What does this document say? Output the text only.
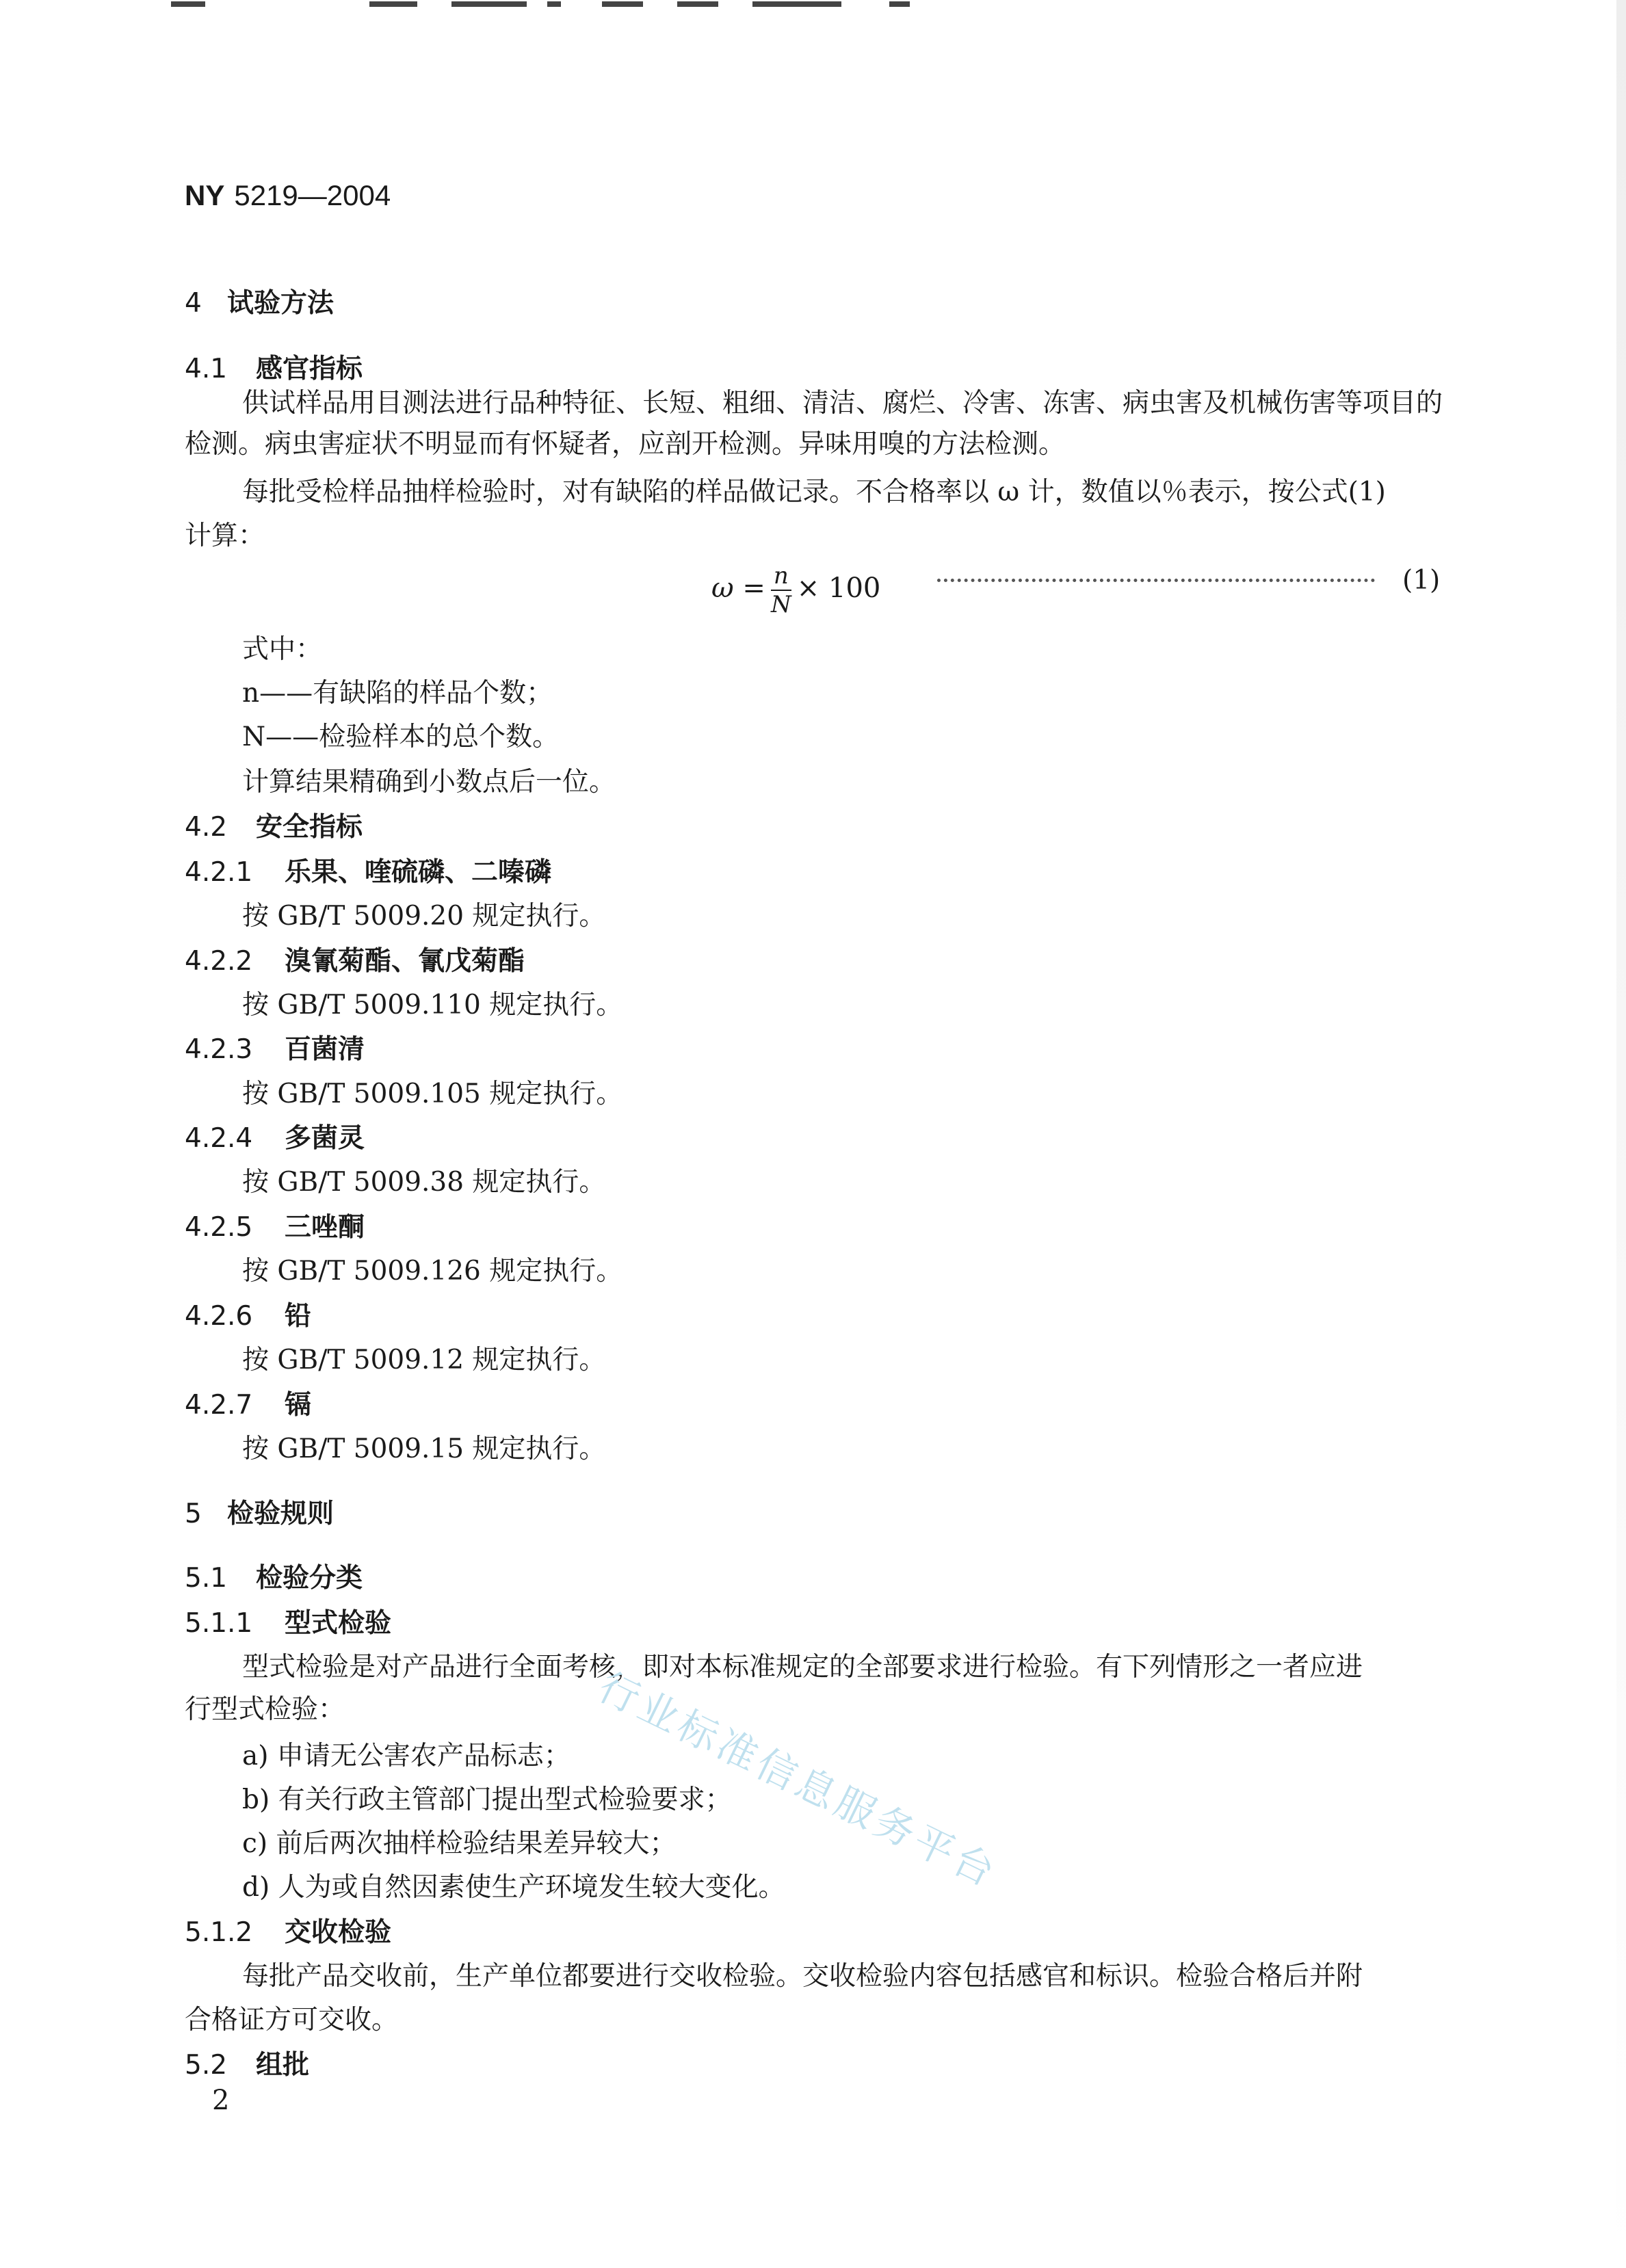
NY 5219—2004
4 试验方法
4.1 感官指标
供试样品用目测法进行品种特征、长短、粗细、清洁、腐烂、冷害、冻害、病虫害及机械伤害等项目的
检测。病虫害症状不明显而有怀疑者，应剖开检测。异味用嗅的方法检测。
每批受检样品抽样检验时，对有缺陷的样品做记录。不合格率以 ω 计，数值以％表示，按公式(1)
计算：
$\omega = \frac{n}{N} \times 100$	(1)
式中：
n——有缺陷的样品个数；
N——检验样本的总个数。
计算结果精确到小数点后一位。
4.2 安全指标
4.2.1 乐果、喹硫磷、二嗪磷
按 GB/T 5009.20 规定执行。
4.2.2 溴氰菊酯、氰戊菊酯
按 GB/T 5009.110 规定执行。
4.2.3 百菌清
按 GB/T 5009.105 规定执行。
4.2.4 多菌灵
按 GB/T 5009.38 规定执行。
4.2.5 三唑酮
按 GB/T 5009.126 规定执行。
4.2.6 铅
按 GB/T 5009.12 规定执行。
4.2.7 镉
按 GB/T 5009.15 规定执行。
5 检验规则
5.1 检验分类
5.1.1 型式检验
型式检验是对产品进行全面考核，即对本标准规定的全部要求进行检验。有下列情形之一者应进
行型式检验：
a) 申请无公害农产品标志；
b) 有关行政主管部门提出型式检验要求；
c) 前后两次抽样检验结果差异较大；
d) 人为或自然因素使生产环境发生较大变化。
5.1.2 交收检验
每批产品交收前，生产单位都要进行交收检验。交收检验内容包括感官和标识。检验合格后并附
合格证方可交收。
5.2 组批
2
行业标准信息服务平台
